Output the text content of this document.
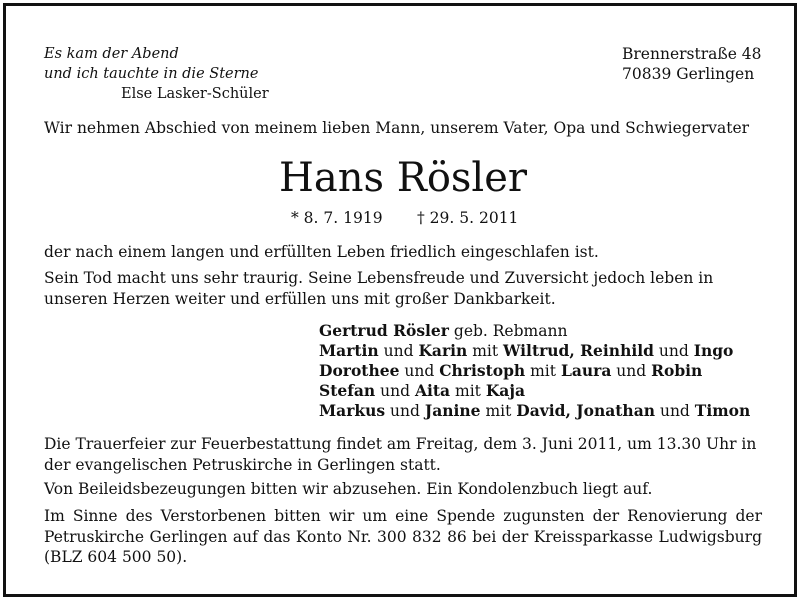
Es kam der Abend
und ich tauchte in die Sterne
Else Lasker-Schüler
Brennerstraße 48
70839 Gerlingen
Wir nehmen Abschied von meinem lieben Mann, unserem Vater, Opa und Schwiegervater
Hans Rösler
* 8. 7. 1919 † 29. 5. 2011
der nach einem langen und erfüllten Leben friedlich eingeschlafen ist.
Sein Tod macht uns sehr traurig. Seine Lebensfreude und Zuversicht jedoch leben in unseren Herzen weiter und erfüllen uns mit großer Dankbarkeit.
Gertrud Rösler geb. Rebmann
Martin und Karin mit Wiltrud, Reinhild und Ingo
Dorothee und Christoph mit Laura und Robin
Stefan und Aita mit Kaja
Markus und Janine mit David, Jonathan und Timon
Die Trauerfeier zur Feuerbestattung findet am Freitag, dem 3. Juni 2011, um 13.30 Uhr in der evangelischen Petruskirche in Gerlingen statt.
Von Beileidsbezeugungen bitten wir abzusehen. Ein Kondolenzbuch liegt auf.
Im Sinne des Verstorbenen bitten wir um eine Spende zugunsten der Renovierung der Petruskirche Gerlingen auf das Konto Nr. 300 832 86 bei der Kreissparkasse Ludwigsburg (BLZ 604 500 50).
